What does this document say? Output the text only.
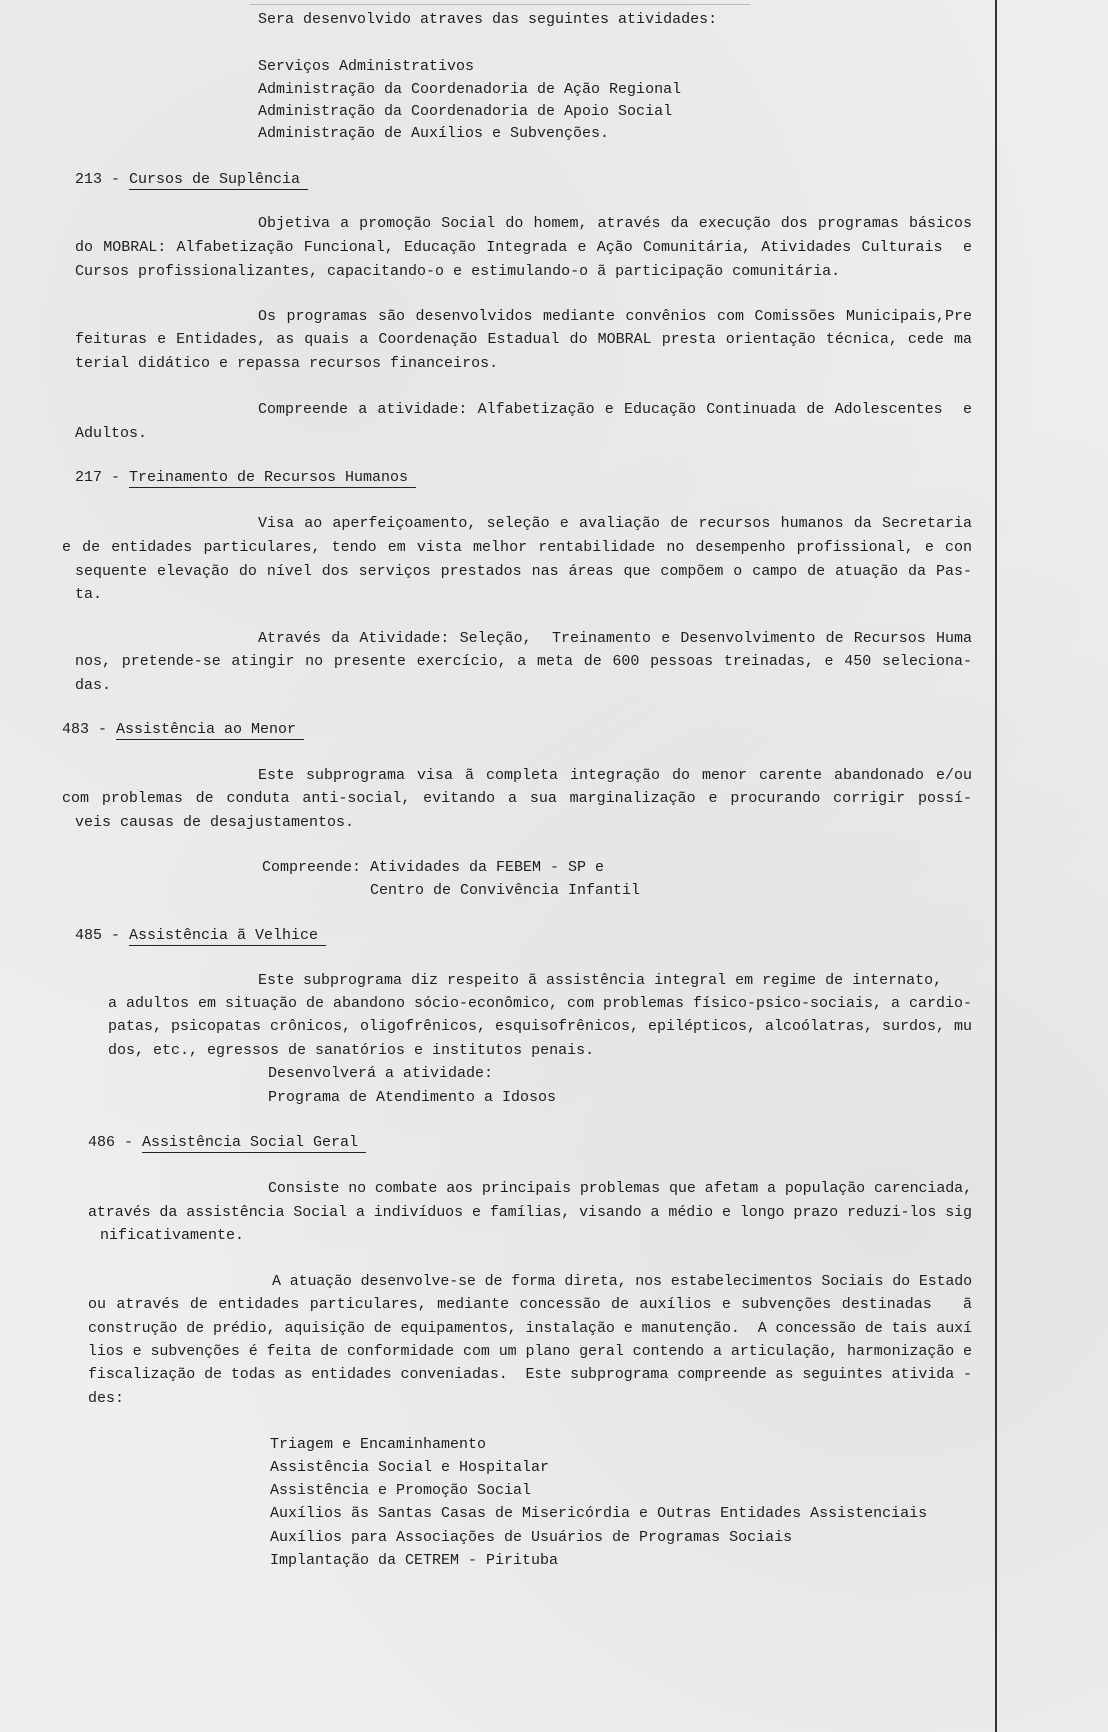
Sera desenvolvido atraves das seguintes atividades:
Serviços Administrativos
Administração da Coordenadoria de Ação Regional
Administração da Coordenadoria de Apoio Social
Administração de Auxílios e Subvenções.
213 - Cursos de Suplência
Objetiva a promoção Social do homem, através da execução dos programas básicos
do MOBRAL: Alfabetização Funcional, Educação Integrada e Ação Comunitária, Atividades Culturais  e
Cursos profissionalizantes, capacitando-o e estimulando-o ã participação comunitária.
Os programas são desenvolvidos mediante convênios com Comissões Municipais,Pre
feituras e Entidades, as quais a Coordenação Estadual do MOBRAL presta orientação técnica, cede ma
terial didático e repassa recursos financeiros.
Compreende a atividade: Alfabetização e Educação Continuada de Adolescentes  e
Adultos.
217 - Treinamento de Recursos Humanos
Visa ao aperfeiçoamento, seleção e avaliação de recursos humanos da Secretaria
e de entidades particulares, tendo em vista melhor rentabilidade no desempenho profissional, e con
sequente elevação do nível dos serviços prestados nas áreas que compõem o campo de atuação da Pas-
ta.
Através da Atividade: Seleção,  Treinamento e Desenvolvimento de Recursos Huma
nos, pretende-se atingir no presente exercício, a meta de 600 pessoas treinadas, e 450 seleciona-
das.
483 - Assistência ao Menor
Este subprograma visa ã completa integração do menor carente abandonado e/ou
com problemas de conduta anti-social, evitando a sua marginalização e procurando corrigir possí-
veis causas de desajustamentos.
Compreende: Atividades da FEBEM - SP e
Centro de Convivência Infantil
485 - Assistência ã Velhice
Este subprograma diz respeito ã assistência integral em regime de internato,
a adultos em situação de abandono sócio-econômico, com problemas físico-psico-sociais, a cardio-
patas, psicopatas crônicos, oligofrênicos, esquisofrênicos, epilépticos, alcoólatras, surdos, mu
dos, etc., egressos de sanatórios e institutos penais.
Desenvolverá a atividade:
Programa de Atendimento a Idosos
486 - Assistência Social Geral
Consiste no combate aos principais problemas que afetam a população carenciada,
através da assistência Social a indivíduos e famílias, visando a médio e longo prazo reduzi-los sig
nificativamente.
A atuação desenvolve-se de forma direta, nos estabelecimentos Sociais do Estado
ou através de entidades particulares, mediante concessão de auxílios e subvenções destinadas   ã
construção de prédio, aquisição de equipamentos, instalação e manutenção.  A concessão de tais auxí
lios e subvenções é feita de conformidade com um plano geral contendo a articulação, harmonização e
fiscalização de todas as entidades conveniadas.  Este subprograma compreende as seguintes ativida -
des:
Triagem e Encaminhamento
Assistência Social e Hospitalar
Assistência e Promoção Social
Auxílios ãs Santas Casas de Misericórdia e Outras Entidades Assistenciais
Auxílios para Associações de Usuários de Programas Sociais
Implantação da CETREM - Pirituba
